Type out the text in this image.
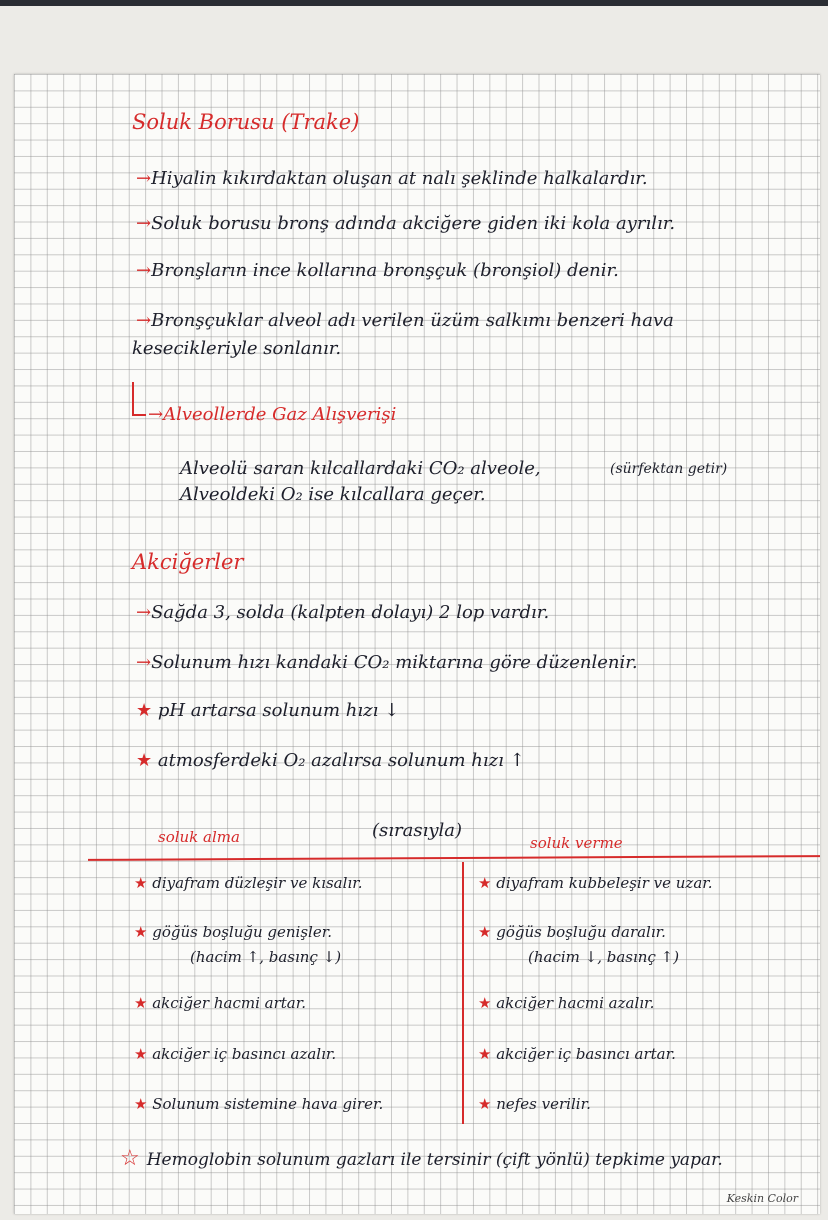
Soluk Borusu (Trake)
→Hiyalin kıkırdaktan oluşan at nalı şeklinde halkalardır.
→Soluk borusu bronş adında akciğere giden iki kola ayrılır.
→Bronşların ince kollarına bronşçuk (bronşiol) denir.
→Bronşçuklar alveol adı verilen üzüm salkımı benzeri hava
kesecikleriyle sonlanır.
→Alveollerde Gaz Alışverişi
Alveolü saran kılcallardaki CO₂ alveole,	(sürfektan getir)
Alveoldeki O₂ ise kılcallara geçer.
Akciğerler
→Sağda 3, solda (kalpten dolayı) 2 lop vardır.
→Solunum hızı kandaki CO₂ miktarına göre düzenlenir.
★ pH artarsa solunum hızı ↓
★ atmosferdeki O₂ azalırsa solunum hızı ↑
soluk alma	(sırasıyla)
soluk verme
★ diyafram düzleşir ve kısalır.
★ göğüs boşluğu genişler.
(hacim ↑, basınç ↓)
★ akciğer hacmi artar.
★ akciğer iç basıncı azalır.
★ Solunum sistemine hava girer.
★ diyafram kubbeleşir ve uzar.
★ göğüs boşluğu daralır.
(hacim ↓, basınç ↑)
★ akciğer hacmi azalır.
★ akciğer iç basıncı artar.
★ nefes verilir.
☆ Hemoglobin solunum gazları ile tersinir (çift yönlü) tepkime yapar.
Keskin Color
